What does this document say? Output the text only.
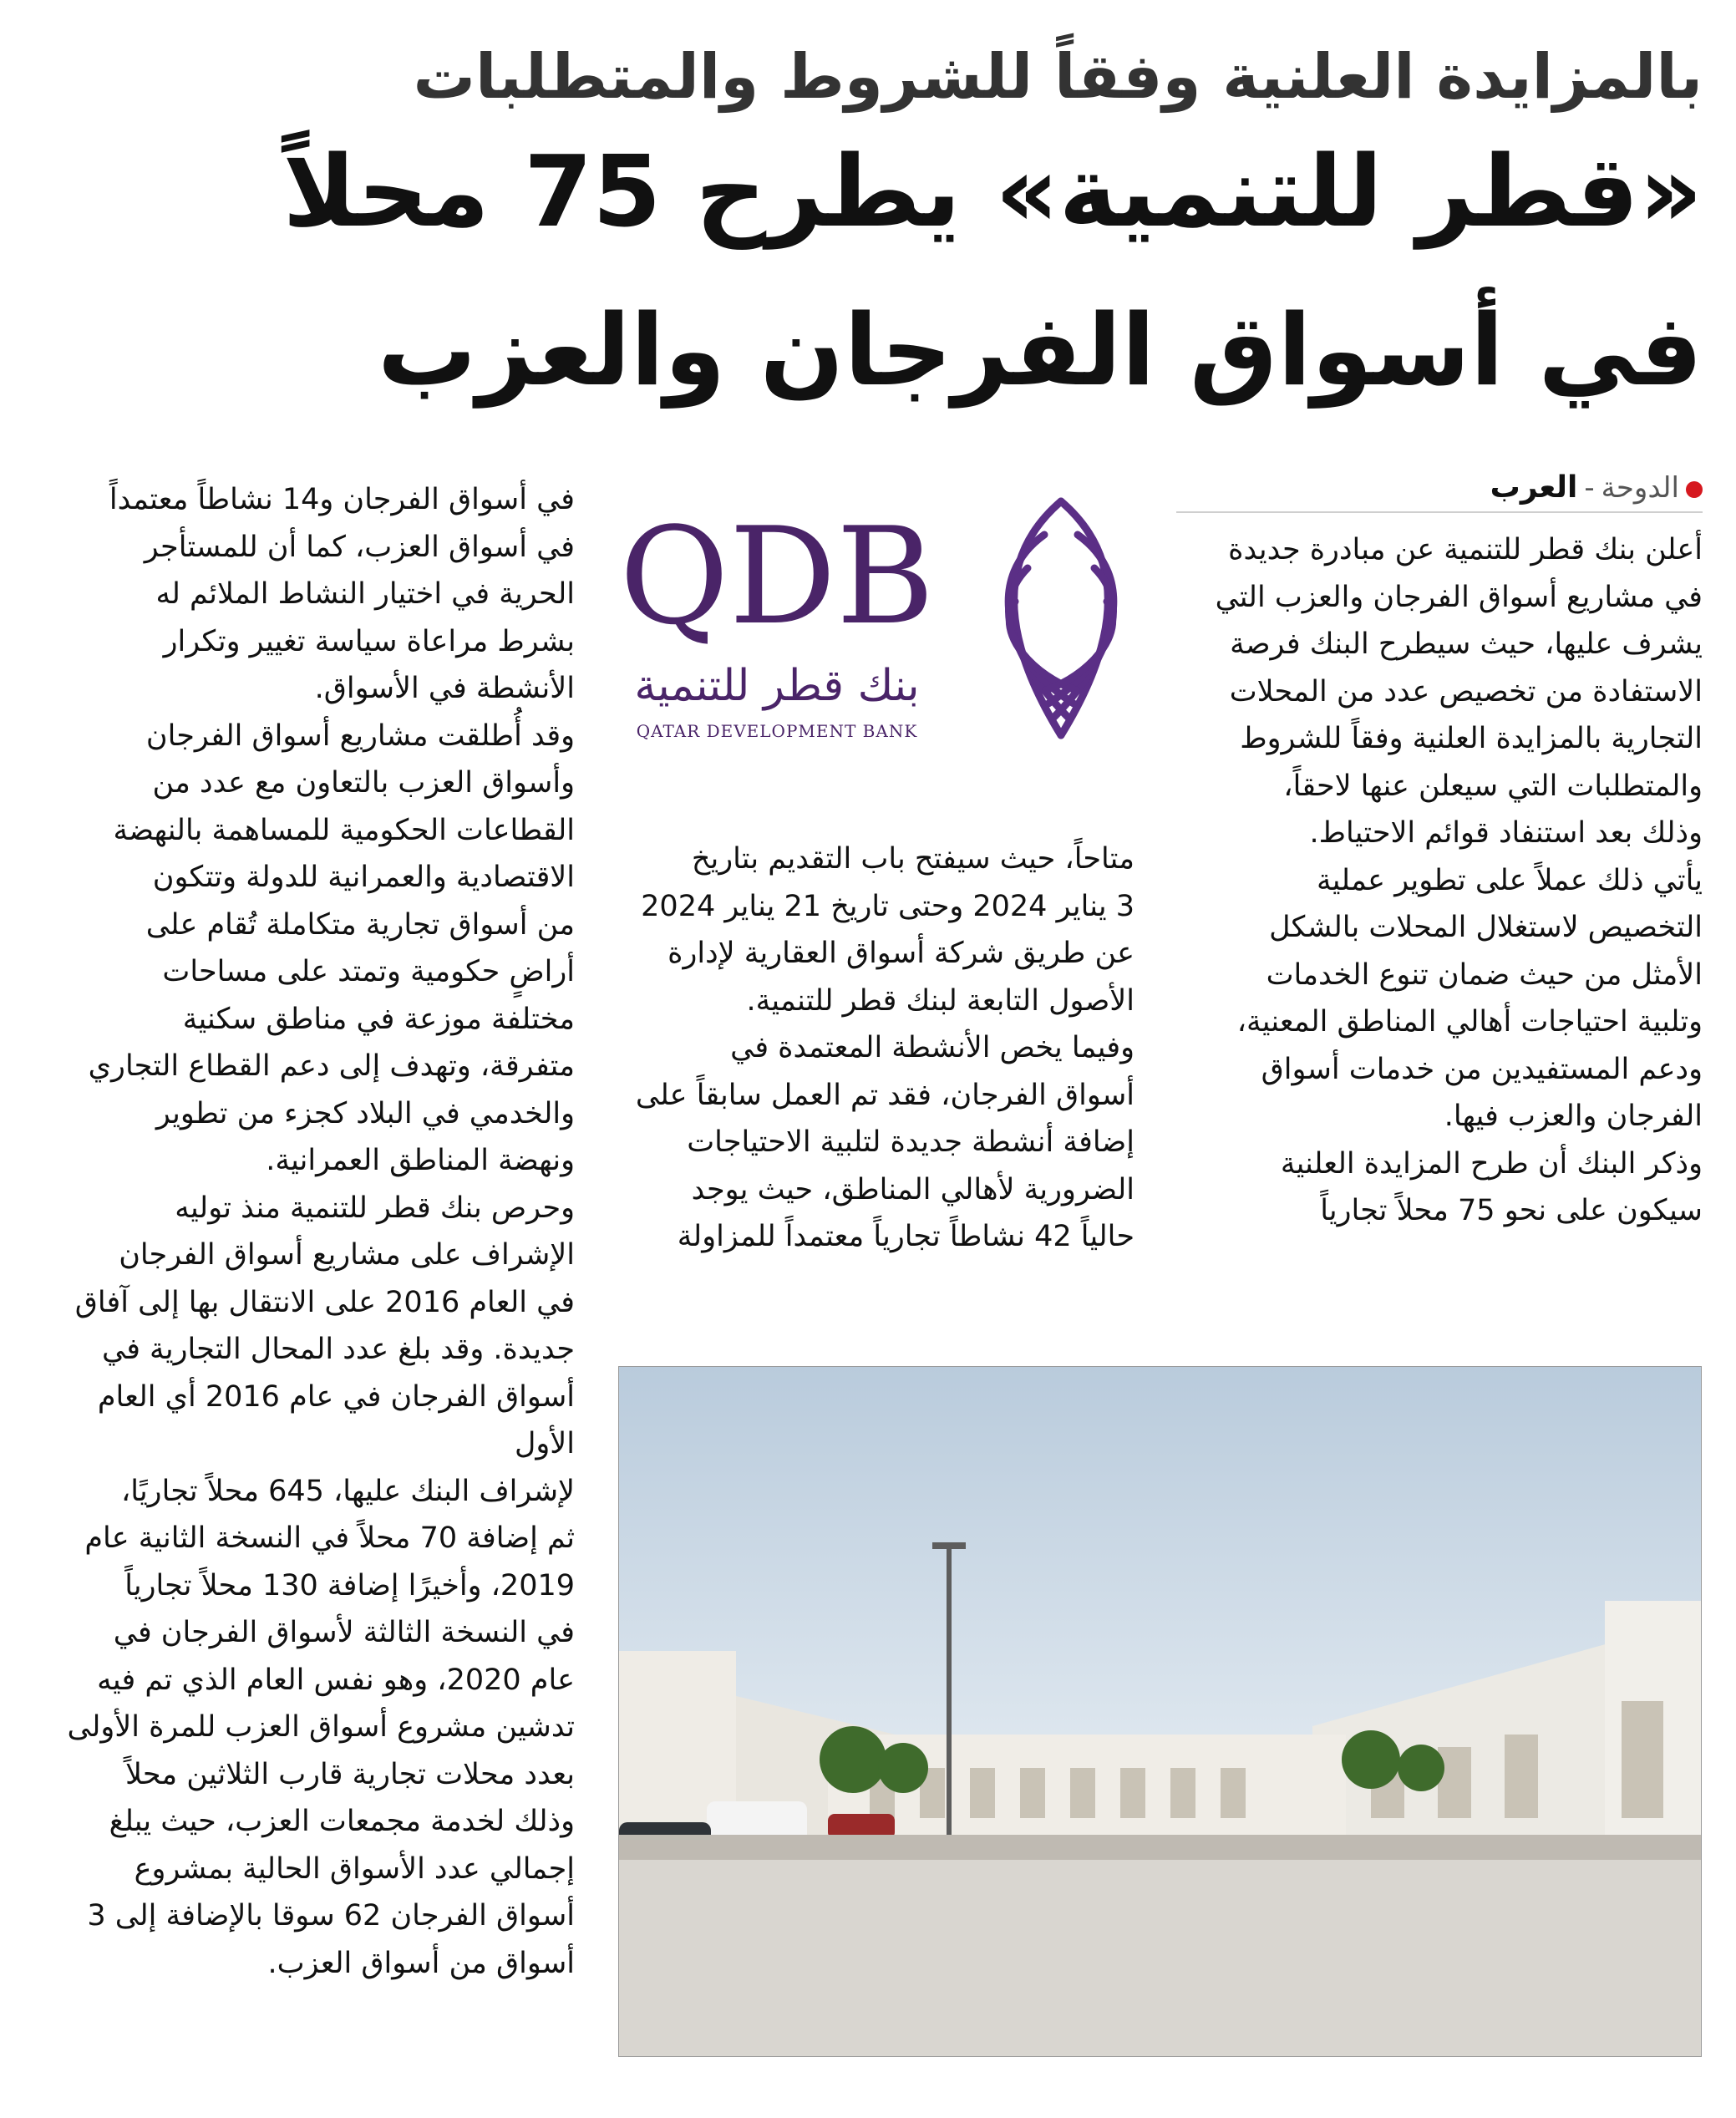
بالمزايدة العلنية وفقاً للشروط والمتطلبات
«قطر للتنمية» يطرح 75 محلاً
في أسواق الفرجان والعزب
الدوحة-العرب

أعلن بنك قطر للتنمية عن مبادرة جديدة
في مشاريع أسواق الفرجان والعزب التي
يشرف عليها، حيث سيطرح البنك فرصة
الاستفادة من تخصيص عدد من المحلات
التجارية بالمزايدة العلنية وفقاً للشروط
والمتطلبات التي سيعلن عنها لاحقاً،
وذلك بعد استنفاد قوائم الاحتياط.
يأتي ذلك عملاً على تطوير عملية
التخصيص لاستغلال المحلات بالشكل
الأمثل من حيث ضمان تنوع الخدمات
وتلبية احتياجات أهالي المناطق المعنية،
ودعم المستفيدين من خدمات أسواق
الفرجان والعزب فيها.
وذكر البنك أن طرح المزايدة العلنية
سيكون على نحو 75 محلاً تجارياً

متاحاً، حيث سيفتح باب التقديم بتاريخ
3 يناير 2024 وحتى تاريخ 21 يناير 2024
عن طريق شركة أسواق العقارية لإدارة
الأصول التابعة لبنك قطر للتنمية.
وفيما يخص الأنشطة المعتمدة في
أسواق الفرجان، فقد تم العمل سابقاً على
إضافة أنشطة جديدة لتلبية الاحتياجات
الضرورية لأهالي المناطق، حيث يوجد
حالياً 42 نشاطاً تجارياً معتمداً للمزاولة

في أسواق الفرجان و14 نشاطاً معتمداً
في أسواق العزب، كما أن للمستأجر
الحرية في اختيار النشاط الملائم له
بشرط مراعاة سياسة تغيير وتكرار
الأنشطة في الأسواق.
وقد أُطلقت مشاريع أسواق الفرجان
وأسواق العزب بالتعاون مع عدد من
القطاعات الحكومية للمساهمة بالنهضة
الاقتصادية والعمرانية للدولة وتتكون
من أسواق تجارية متكاملة تُقام على
أراضٍ حكومية وتمتد على مساحات
مختلفة موزعة في مناطق سكنية
متفرقة، وتهدف إلى دعم القطاع التجاري
والخدمي في البلاد كجزء من تطوير
ونهضة المناطق العمرانية.
وحرص بنك قطر للتنمية منذ توليه
الإشراف على مشاريع أسواق الفرجان
في العام 2016 على الانتقال بها إلى آفاق
جديدة. وقد بلغ عدد المحال التجارية في
أسواق الفرجان في عام 2016 أي العام الأول
لإشراف البنك عليها، 645 محلاً تجاريًا،
ثم إضافة 70 محلاً في النسخة الثانية عام
2019، وأخيرًا إضافة 130 محلاً تجارياً
في النسخة الثالثة لأسواق الفرجان في
عام 2020، وهو نفس العام الذي تم فيه
تدشين مشروع أسواق العزب للمرة الأولى
بعدد محلات تجارية قارب الثلاثين محلاً
وذلك لخدمة مجمعات العزب، حيث يبلغ
إجمالي عدد الأسواق الحالية بمشروع
أسواق الفرجان 62 سوقا بالإضافة إلى 3
أسواق من أسواق العزب.

QDB
بنك قطر للتنمية
QATAR DEVELOPMENT BANK
